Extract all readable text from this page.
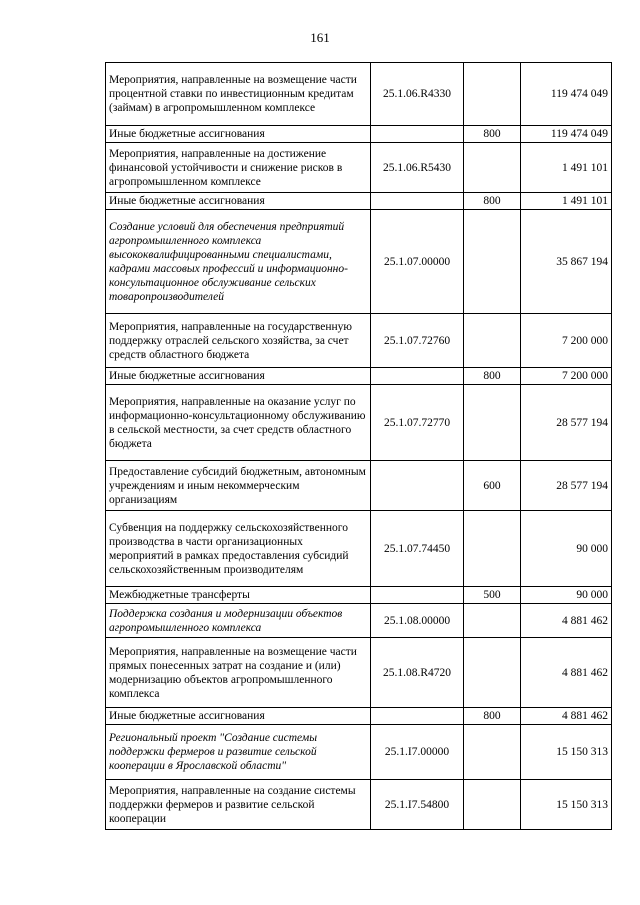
161
Мероприятия, направленные на возмещение части процентной ставки по инвестиционным кредитам (займам) в агропромышленном комплексе	25.1.06.R4330		119 474 049
Иные бюджетные ассигнования		800	119 474 049
Мероприятия, направленные на достижение финансовой устойчивости и снижение рисков в агропромышленном комплексе	25.1.06.R5430		1 491 101
Иные бюджетные ассигнования		800	1 491 101
Создание условий для обеспечения предприятий агропромышленного комплекса высококвалифицированными специалистами, кадрами массовых профессий и информационно-консультационное обслуживание сельских товаропроизводителей	25.1.07.00000		35 867 194
Мероприятия, направленные на государственную поддержку отраслей сельского хозяйства, за счет средств областного бюджета	25.1.07.72760		7 200 000
Иные бюджетные ассигнования		800	7 200 000
Мероприятия, направленные на оказание услуг по информационно-консультационному обслуживанию в сельской местности, за счет средств областного бюджета	25.1.07.72770		28 577 194
Предоставление субсидий бюджетным, автономным учреждениям и иным некоммерческим организациям		600	28 577 194
Субвенция на поддержку сельскохозяйственного производства в части организационных мероприятий в рамках предоставления субсидий сельскохозяйственным производителям	25.1.07.74450		90 000
Межбюджетные трансферты		500	90 000
Поддержка создания и модернизации объектов агропромышленного комплекса	25.1.08.00000		4 881 462
Мероприятия, направленные на возмещение части прямых понесенных затрат на создание и (или) модернизацию объектов агропромышленного комплекса	25.1.08.R4720		4 881 462
Иные бюджетные ассигнования		800	4 881 462
Региональный проект "Создание системы поддержки фермеров и развитие сельской кооперации в Ярославской области"	25.1.I7.00000		15 150 313
Мероприятия, направленные на создание системы поддержки фермеров и развитие сельской кооперации	25.1.I7.54800		15 150 313
